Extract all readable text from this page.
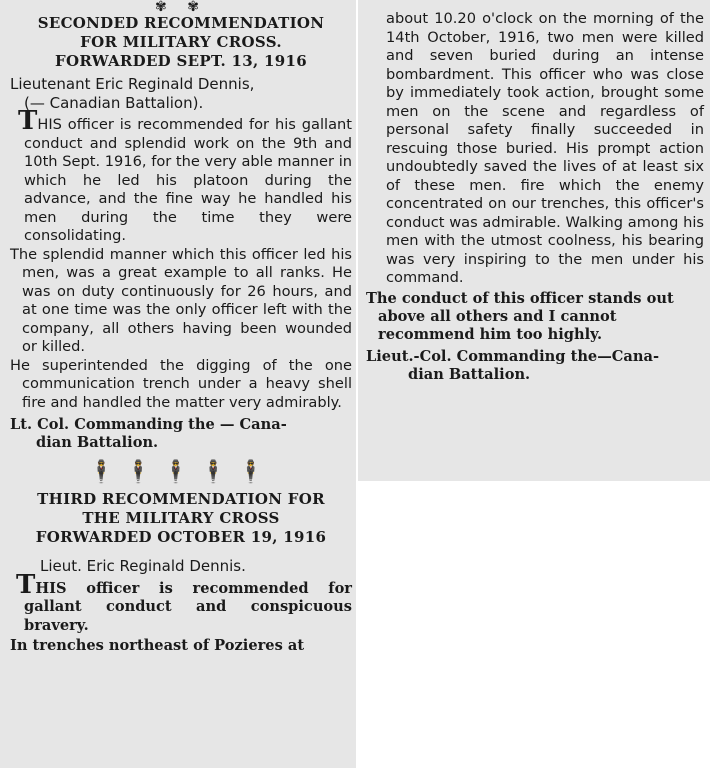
✾ ✾

SECONDED RECOMMENDATION

FOR MILITARY CROSS.

FORWARDED SEPT. 13, 1916

Lieutenant Eric Reginald Dennis,

(— Canadian Battalion).

THIS officer is recommended for his gallant conduct and splendid work on the 9th and 10th Sept. 1916, for the very able manner in which he led his platoon during the advance, and the fine way he handled his men during the time they were consolidating.

The splendid manner which this officer led his men, was a great example to all ranks. He was on duty continuously for 26 hours, and at one time was the only officer left with the company, all others having been wounded or killed.

He superintended the digging of the one communication trench under a heavy shell fire and handled the matter very admirably.

Lt. Col. Commanding the — Cana-

dian Battalion.

🕴🕴🕴🕴🕴

THIRD RECOMMENDATION FOR

THE MILITARY CROSS

FORWARDED OCTOBER 19, 1916

Lieut. Eric Reginald Dennis.

THIS officer is recommended for gallant conduct and conspicuous bravery.

In trenches northeast of Pozieres at

about 10.20 o'clock on the morning of the 14th October, 1916, two men were killed and seven buried during an intense bombardment. This officer who was close by immediately took action, brought some men on the scene and regardless of personal safety finally succeeded in rescuing those buried. His prompt action undoubtedly saved the lives of at least six of these men. fire which the enemy concentrated on our trenches, this officer's conduct was admirable. Walking among his men with the utmost coolness, his bearing was very inspiring to the men under his command.

The conduct of this officer stands out above all others and I cannot recommend him too highly.

Lieut.-Col. Commanding the—Cana-

dian Battalion.
